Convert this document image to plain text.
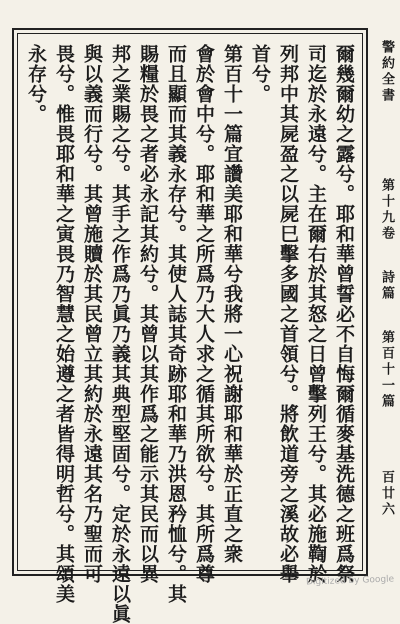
爾幾爾幼之露兮。耶和華曾誓必不自悔爾循麥基洗德之班爲祭
司迄於永遠兮。主在爾右於其怒之日曾擊列王兮。其必施鞫於
列邦中其屍盈之以屍巳擊多國之首領兮。將飲道旁之溪故必舉
首兮。
第百十一篇宜讚美耶和華兮我將一心祝謝耶和華於正直之衆
會於會中兮。耶和華之所爲乃大人求之循其所欲兮。其所爲尊
而且顯而其義永存兮。其使人誌其奇跡耶和華乃洪恩矜恤兮。其
賜糧於畏之者必永記其約兮。其曾以其作爲之能示其民而以異
邦之業賜之兮。其手之作爲乃眞乃義其典型堅固兮。定於永遠以眞
與以義而行兮。其曾施贖於其民曾立其約於永遠其名乃聖而可
畏兮。惟畏耶和華之寅畏乃智慧之始遵之者皆得明哲兮。其頌美
永存兮。	警約全書
第十九卷
詩篇
第百十一篇
百廿六
Digitized by Google
